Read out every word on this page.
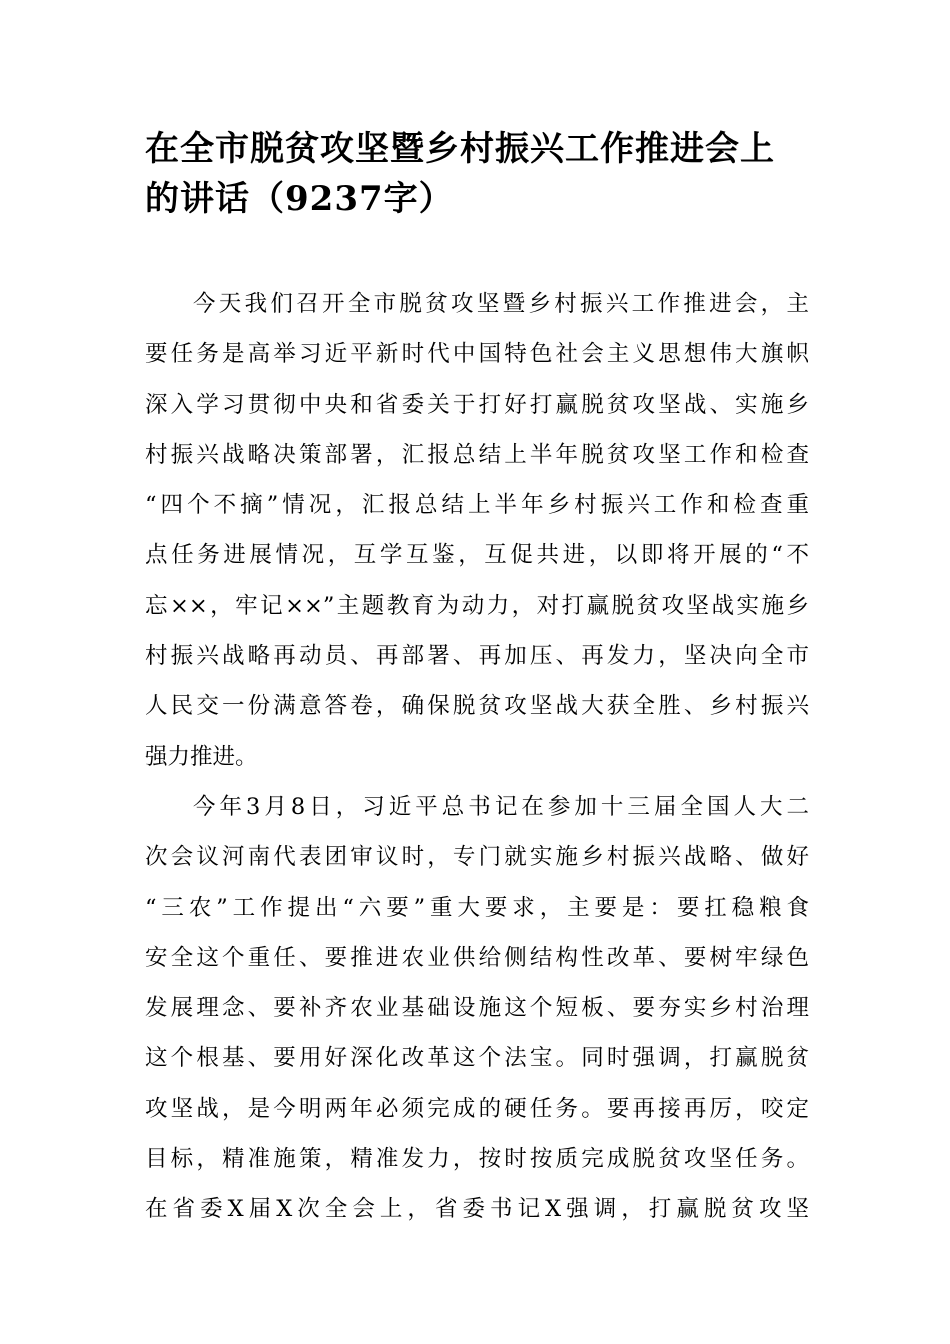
在全市脱贫攻坚暨乡村振兴工作推进会上
的讲话（9237字）
今天我们召开全市脱贫攻坚暨乡村振兴工作推进会，主
要任务是高举习近平新时代中国特色社会主义思想伟大旗帜
深入学习贯彻中央和省委关于打好打赢脱贫攻坚战、实施乡
村振兴战略决策部署，汇报总结上半年脱贫攻坚工作和检查
“四个不摘”情况，汇报总结上半年乡村振兴工作和检查重
点任务进展情况，互学互鉴，互促共进，以即将开展的“不
忘××，牢记××”主题教育为动力，对打赢脱贫攻坚战实施乡
村振兴战略再动员、再部署、再加压、再发力，坚决向全市
人民交一份满意答卷，确保脱贫攻坚战大获全胜、乡村振兴
强力推进。
今年3月8日，习近平总书记在参加十三届全国人大二
次会议河南代表团审议时，专门就实施乡村振兴战略、做好
“三农”工作提出“六要”重大要求，主要是：要扛稳粮食
安全这个重任、要推进农业供给侧结构性改革、要树牢绿色
发展理念、要补齐农业基础设施这个短板、要夯实乡村治理
这个根基、要用好深化改革这个法宝。同时强调，打赢脱贫
攻坚战，是今明两年必须完成的硬任务。要再接再厉，咬定
目标，精准施策，精准发力，按时按质完成脱贫攻坚任务。
在省委X届X次全会上，省委书记X强调，打赢脱贫攻坚
